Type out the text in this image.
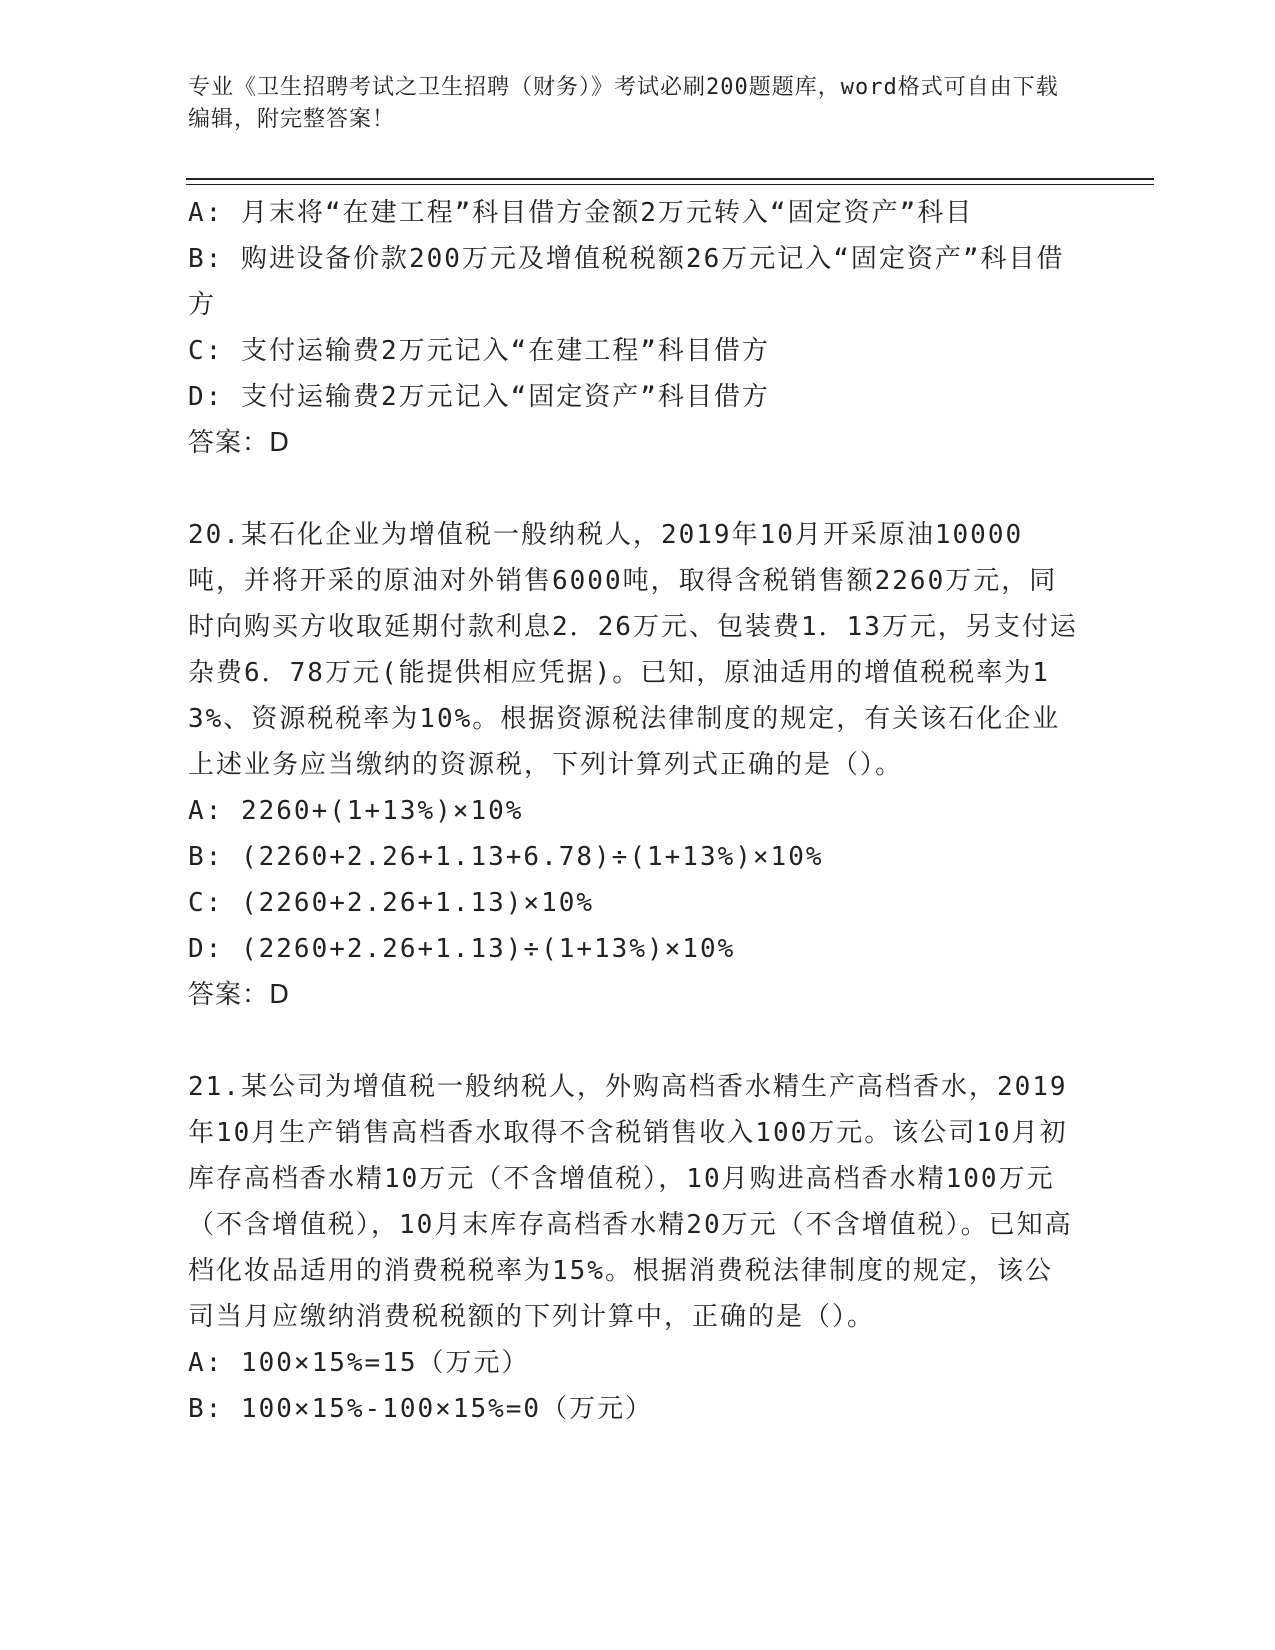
专业《卫生招聘考试之卫生招聘（财务）》考试必刷200题题库，word格式可自由下载编辑，附完整答案！
A: 月末将“在建工程”科目借方金额2万元转入“固定资产”科目
B: 购进设备价款200万元及增值税税额26万元记入“固定资产”科目借方
C: 支付运输费2万元记入“在建工程”科目借方
D: 支付运输费2万元记入“固定资产”科目借方
答案：D
20.某石化企业为增值税一般纳税人，2019年10月开采原油10000吨，并将开采的原油对外销售6000吨，取得含税销售额2260万元，同时向购买方收取延期付款利息2．26万元、包装费1．13万元，另支付运杂费6．78万元(能提供相应凭据)。已知，原油适用的增值税税率为13%、资源税税率为10%。根据资源税法律制度的规定，有关该石化企业上述业务应当缴纳的资源税，下列计算列式正确的是（）。
A: 2260+(1+13%)×10%
B: (2260+2.26+1.13+6.78)÷(1+13%)×10%
C: (2260+2.26+1.13)×10%
D: (2260+2.26+1.13)÷(1+13%)×10%
答案：D
21.某公司为增值税一般纳税人，外购高档香水精生产高档香水，2019年10月生产销售高档香水取得不含税销售收入100万元。该公司10月初库存高档香水精10万元（不含增值税），10月购进高档香水精100万元（不含增值税），10月末库存高档香水精20万元（不含增值税）。已知高档化妆品适用的消费税税率为15%。根据消费税法律制度的规定，该公司当月应缴纳消费税税额的下列计算中，正确的是（）。
A: 100×15%=15（万元）
B: 100×15%-100×15%=0（万元）
